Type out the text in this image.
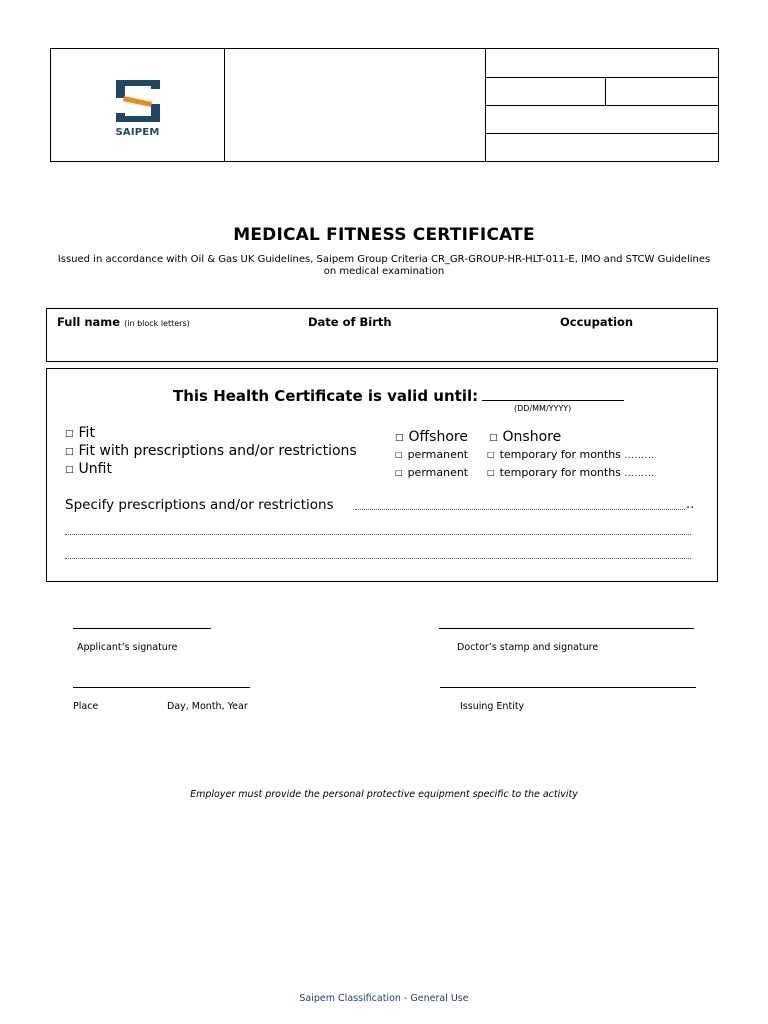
SAIPEM
MEDICAL FITNESS CERTIFICATE
Issued in accordance with Oil & Gas UK Guidelines, Saipem Group Criteria CR_GR-GROUP-HR-HLT-011-E, IMO and STCW Guidelines on medical examination
Full name (in block letters)	Date of Birth	Occupation
This Health Certificate is valid until:
(DD/MM/YYYY)
□ Fit
□ Fit with prescriptions and/or restrictions
□ Unfit
□ Offshore □ Onshore
□ permanent □ temporary for months .........
□ permanent □ temporary for months .........
Specify prescriptions and/or restrictions	..
Applicant’s signature	Doctor’s stamp and signature
Place	Day, Month, Year	Issuing Entity
Employer must provide the personal protective equipment specific to the activity
Saipem Classification - General Use
